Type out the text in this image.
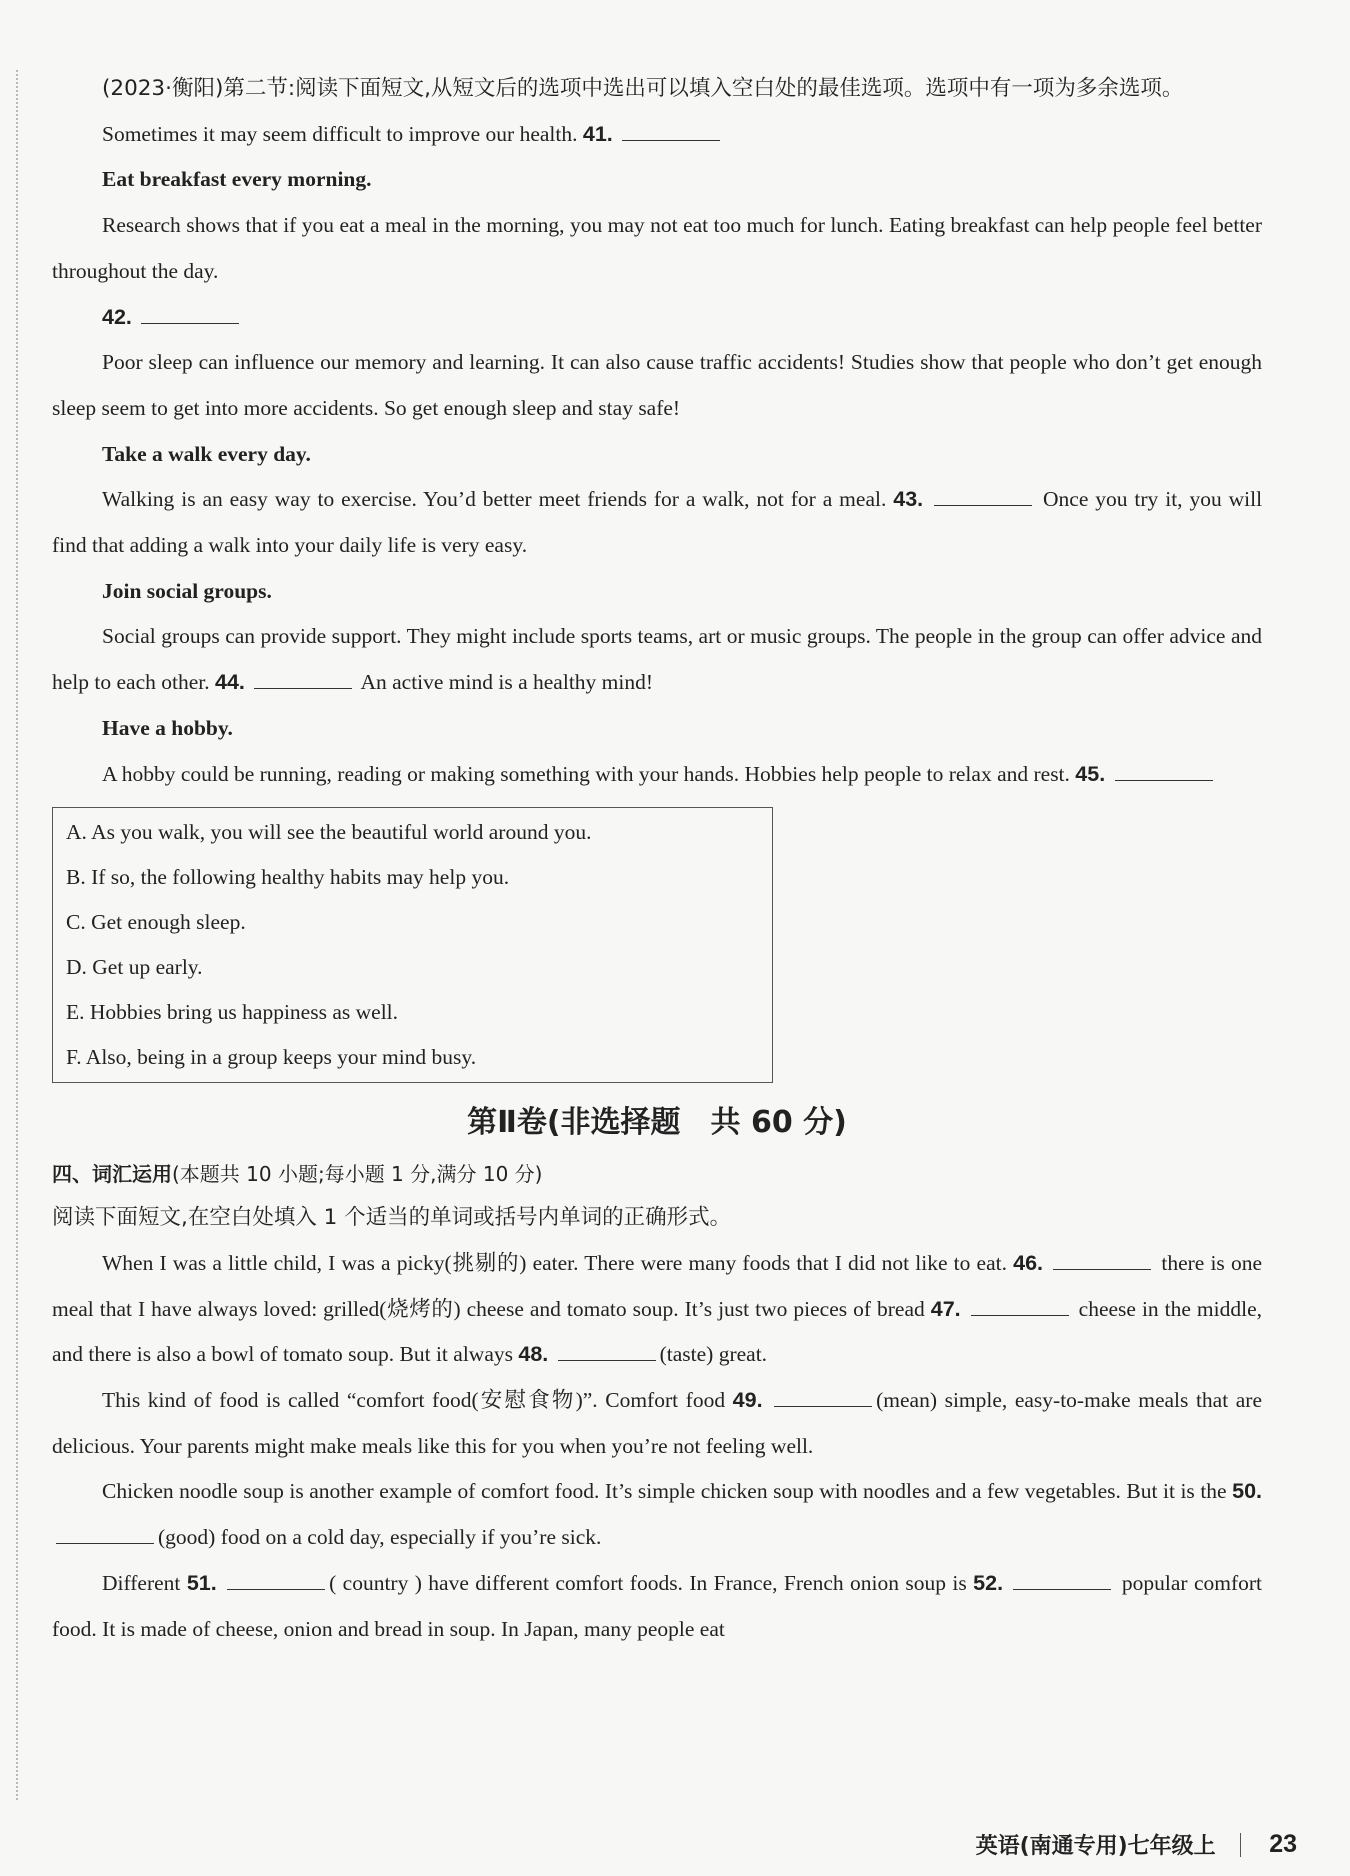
(2023·衡阳)第二节:阅读下面短文,从短文后的选项中选出可以填入空白处的最佳选项。选项中有一项为多余选项。

Sometimes it may seem difficult to improve our health. 41.

Eat breakfast every morning.

Research shows that if you eat a meal in the morning, you may not eat too much for lunch. Eating breakfast can help people feel better throughout the day.

42.

Poor sleep can influence our memory and learning. It can also cause traffic accidents! Studies show that people who don’t get enough sleep seem to get into more accidents. So get enough sleep and stay safe!

Take a walk every day.

Walking is an easy way to exercise. You’d better meet friends for a walk, not for a meal. 43.	Once you try it, you will find that adding a walk into your daily life is very easy.

Join social groups.

Social groups can provide support. They might include sports teams, art or music groups. The people in the group can offer advice and help to each other. 44.	An active mind is a healthy mind!

Have a hobby.

A hobby could be running, reading or making something with your hands. Hobbies help people to relax and rest. 45.

A. As you walk, you will see the beautiful world around you.

B. If so, the following healthy habits may help you.

C. Get enough sleep.

D. Get up early.

E. Hobbies bring us happiness as well.

F. Also, being in a group keeps your mind busy.

第Ⅱ卷(非选择题　共 60 分)

四、词汇运用(本题共 10 小题;每小题 1 分,满分 10 分)

阅读下面短文,在空白处填入 1 个适当的单词或括号内单词的正确形式。

When I was a little child, I was a picky(挑剔的) eater. There were many foods that I did not like to eat. 46.	there is one meal that I have always loved: grilled(烧烤的) cheese and tomato soup. It’s just two pieces of bread 47.	cheese in the middle, and there is also a bowl of tomato soup. But it always 48.	(taste) great.

This kind of food is called “comfort food(安慰食物)”. Comfort food 49.	(mean) simple, easy-to-make meals that are delicious. Your parents might make meals like this for you when you’re not feeling well.

Chicken noodle soup is another example of comfort food. It’s simple chicken soup with noodles and a few vegetables. But it is the 50. (good) food on a cold day, especially if you’re sick.

Different 51.	( country ) have different comfort foods. In France, French onion soup is 52.	popular comfort food. It is made of cheese, onion and bread in soup. In Japan, many people eat

英语(南通专用)七年级上 23
